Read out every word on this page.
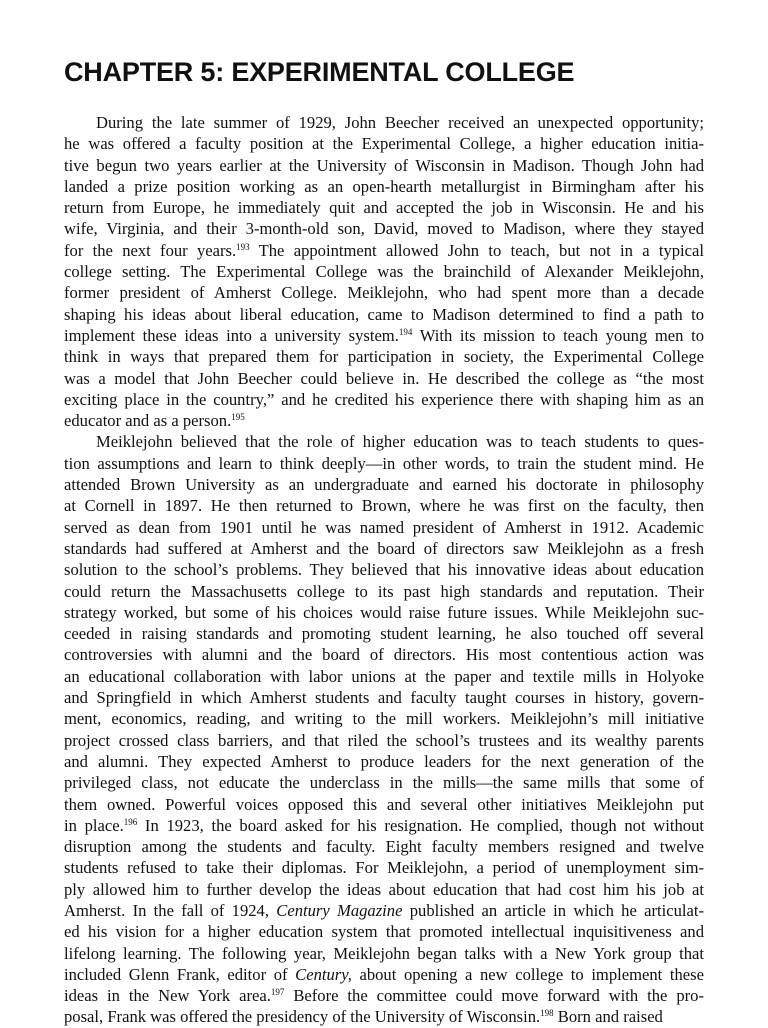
CHAPTER 5: EXPERIMENTAL COLLEGE
During the late summer of 1929, John Beecher received an unexpected opportunity;
he was offered a faculty position at the Experimental College, a higher education initia-
tive begun two years earlier at the University of Wisconsin in Madison. Though John had
landed a prize position working as an open-hearth metallurgist in Birmingham after his
return from Europe, he immediately quit and accepted the job in Wisconsin. He and his
wife, Virginia, and their 3-month-old son, David, moved to Madison, where they stayed
for the next four years.$^{193}$ The appointment allowed John to teach, but not in a typical
college setting. The Experimental College was the brainchild of Alexander Meiklejohn,
former president of Amherst College. Meiklejohn, who had spent more than a decade
shaping his ideas about liberal education, came to Madison determined to find a path to
implement these ideas into a university system.$^{194}$ With its mission to teach young men to
think in ways that prepared them for participation in society, the Experimental College
was a model that John Beecher could believe in. He described the college as “the most
exciting place in the country,” and he credited his experience there with shaping him as an
educator and as a person.$^{195}$
Meiklejohn believed that the role of higher education was to teach students to ques-
tion assumptions and learn to think deeply—in other words, to train the student mind. He
attended Brown University as an undergraduate and earned his doctorate in philosophy
at Cornell in 1897. He then returned to Brown, where he was first on the faculty, then
served as dean from 1901 until he was named president of Amherst in 1912. Academic
standards had suffered at Amherst and the board of directors saw Meiklejohn as a fresh
solution to the school’s problems. They believed that his innovative ideas about education
could return the Massachusetts college to its past high standards and reputation. Their
strategy worked, but some of his choices would raise future issues. While Meiklejohn suc-
ceeded in raising standards and promoting student learning, he also touched off several
controversies with alumni and the board of directors. His most contentious action was
an educational collaboration with labor unions at the paper and textile mills in Holyoke
and Springfield in which Amherst students and faculty taught courses in history, govern-
ment, economics, reading, and writing to the mill workers. Meiklejohn’s mill initiative
project crossed class barriers, and that riled the school’s trustees and its wealthy parents
and alumni. They expected Amherst to produce leaders for the next generation of the
privileged class, not educate the underclass in the mills—the same mills that some of
them owned. Powerful voices opposed this and several other initiatives Meiklejohn put
in place.$^{196}$ In 1923, the board asked for his resignation. He complied, though not without
disruption among the students and faculty. Eight faculty members resigned and twelve
students refused to take their diplomas. For Meiklejohn, a period of unemployment sim-
ply allowed him to further develop the ideas about education that had cost him his job at
Amherst. In the fall of 1924, Century Magazine published an article in which he articulat-
ed his vision for a higher education system that promoted intellectual inquisitiveness and
lifelong learning. The following year, Meiklejohn began talks with a New York group that
included Glenn Frank, editor of Century, about opening a new college to implement these
ideas in the New York area.$^{197}$ Before the committee could move forward with the pro-
posal, Frank was offered the presidency of the University of Wisconsin.$^{198}$ Born and raised
